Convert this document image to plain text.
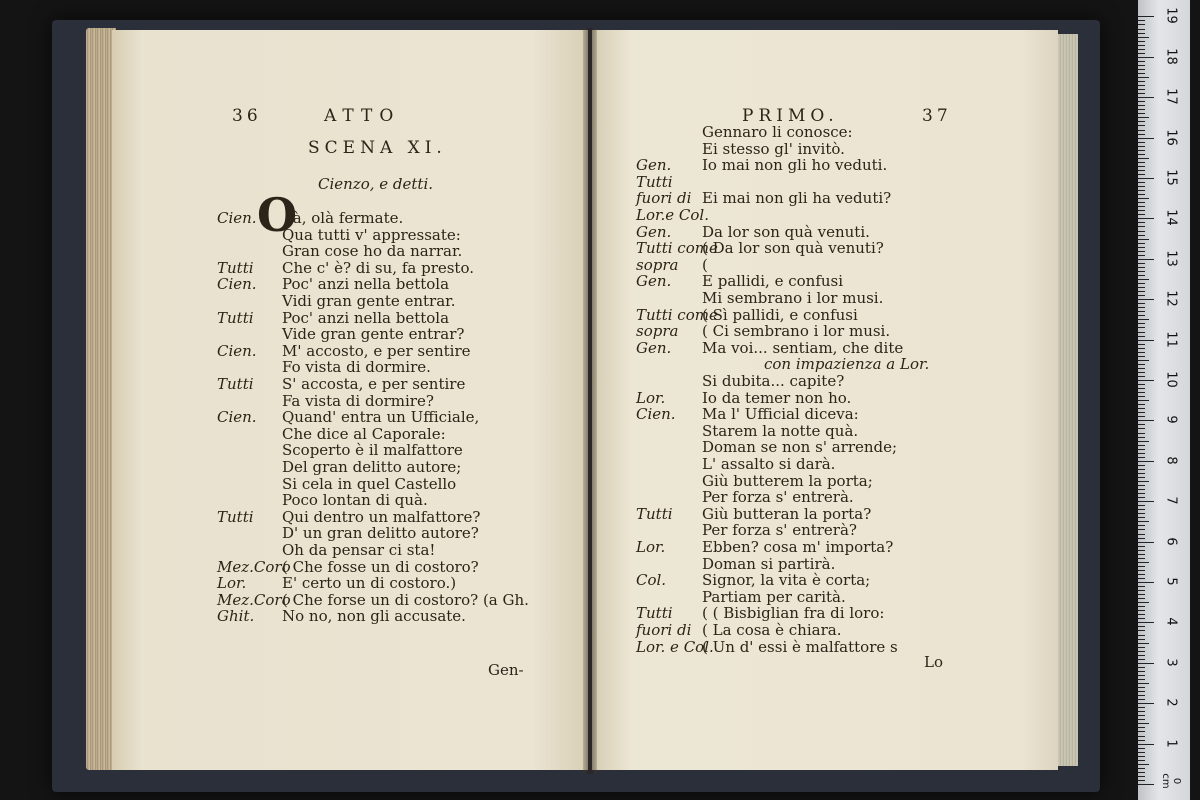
36	ATTO
SCENA XI.
Cienzo, e detti.
O
Cien. là, olà fermate.
Qua tutti v' appressate:
Gran cose ho da narrar.
Tutti Che c' è? di su, fa presto.
Cien. Poc' anzi nella bettola
Vidi gran gente entrar.
Tutti Poc' anzi nella bettola
Vide gran gente entrar?
Cien. M' accosto, e per sentire
Fo vista di dormire.
Tutti S' accosta, e per sentire
Fa vista di dormire?
Cien. Quand' entra un Ufficiale,
Che dice al Caporale:
Scoperto è il malfattore
Del gran delitto autore;
Si cela in quel Castello
Poco lontan di quà.
Tutti Qui dentro un malfattore?
D' un gran delitto autore?
Oh da pensar ci sta!
Mez.Coro
( Che fosse un di costoro?
Lor. E' certo un di costoro.)
Mez.Coro
( Che forse un di costoro? (a Gh.
Ghit. No no, non gli accusate.
Gen-
PRIMO.	37
Gennaro li conosce:
Ei stesso gl' invitò.
Gen. Io mai non gli ho veduti.
Tutti
fuori di Ei mai non gli ha veduti?
Lor.e Col.
Gen. Da lor son quà venuti.
Tutti come
( Da lor son quà venuti?
sopra (
Gen. E pallidi, e confusi
Mi sembrano i lor musi.
Tutti come
( Sì pallidi, e confusi
sopra ( Ci sembrano i lor musi.
Gen. Ma voi... sentiam, che dite
con impazienza a Lor.
Si dubita... capite?
Lor. Io da temer non ho.
Cien. Ma l' Ufficial diceva:
Starem la notte quà.
Doman se non s' arrende;
L' assalto si darà.
Giù butterem la porta;
Per forza s' entrerà.
Tutti Giù butteran la porta?
Per forza s' entrerà?
Lor. Ebben? cosa m' importa?
Doman si partirà.
Col. Signor, la vita è corta;
Partiam per carità.
Tutti ( ( Bisbiglian fra di loro:
fuori di ( La cosa è chiara.
Lor. e Col.
( Un d' essi è malfattore s
Lo
1
2
3
4
5
6
7
8
9
10
11
12
13
14
15
16
17
18
19
0 cm
